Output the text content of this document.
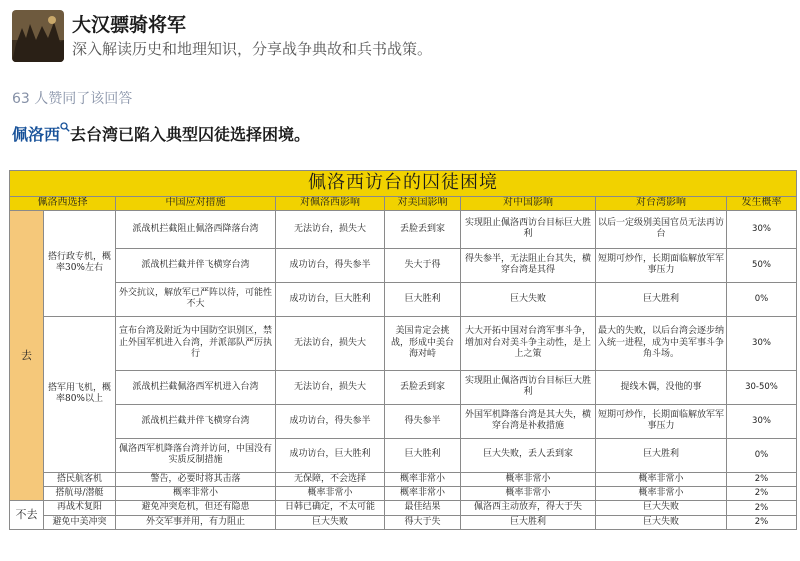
大汉骠骑将军
深入解读历史和地理知识，分享战争典故和兵书战策。
63 人赞同了该回答
佩洛西 去台湾已陷入典型囚徒选择困境。
佩洛西访台的囚徒困境							
佩洛西选择		中国应对措施	对佩洛西影响	对美国影响	对中国影响	对台湾影响	发生概率
去	搭行政专机，概率30%左右	派战机拦截阻止佩洛西降落台湾	无法访台，损失大	丢脸丢到家	实现阻止佩洛西访台目标巨大胜利	以后一定级别美国官员无法再访台	30%
		派战机拦截并伴飞横穿台湾	成功访台，得失参半	失大于得	得失参半，无法阻止台其失，横穿台湾是其得	短期可炒作，长期面临解放军军事压力	50%
		外交抗议，解放军已严阵以待，可能性不大	成功访台，巨大胜利	巨大胜利	巨大失败	巨大胜利	0%
	搭军用飞机，概率80%以上	宣布台湾及附近为中国防空识别区，禁止外国军机进入台湾，并派部队严厉执行	无法访台，损失大	美国肯定会挑战，形成中美台海对峙	大大开拓中国对台湾军事斗争，增加对台对美斗争主动性，是上上之策	最大的失败，以后台湾会逐步纳入统一进程，成为中美军事斗争角斗场。	30%
		派战机拦截佩洛西军机进入台湾	无法访台，损失大	丢脸丢到家	实现阻止佩洛西访台目标巨大胜利	提线木偶，没他的事	30-50%
		派战机拦截并伴飞横穿台湾	成功访台，得失参半	得失参半	外国军机降落台湾是其大失，横穿台湾是补救措施	短期可炒作，长期面临解放军军事压力	30%
		佩洛西军机降落台湾并访问，中国没有实质反制措施	成功访台，巨大胜利	巨大胜利	巨大失败，丢人丢到家	巨大胜利	0%
	搭民航客机	警告，必要时将其击落	无保障，不会选择	概率非常小	概率非常小	概率非常小	2%
	搭航母/潜艇	概率非常小	概率非常小	概率非常小	概率非常小	概率非常小	2%
不去	再战术复阳	避免冲突危机，但还有隐患	日韩已确定，不太可能	最佳结果	佩洛西主动放弃，得大于失	巨大失败	2%
	避免中美冲突	外交军事并用，有力阻止	巨大失败	得大于失	巨大胜利	巨大失败	2%
